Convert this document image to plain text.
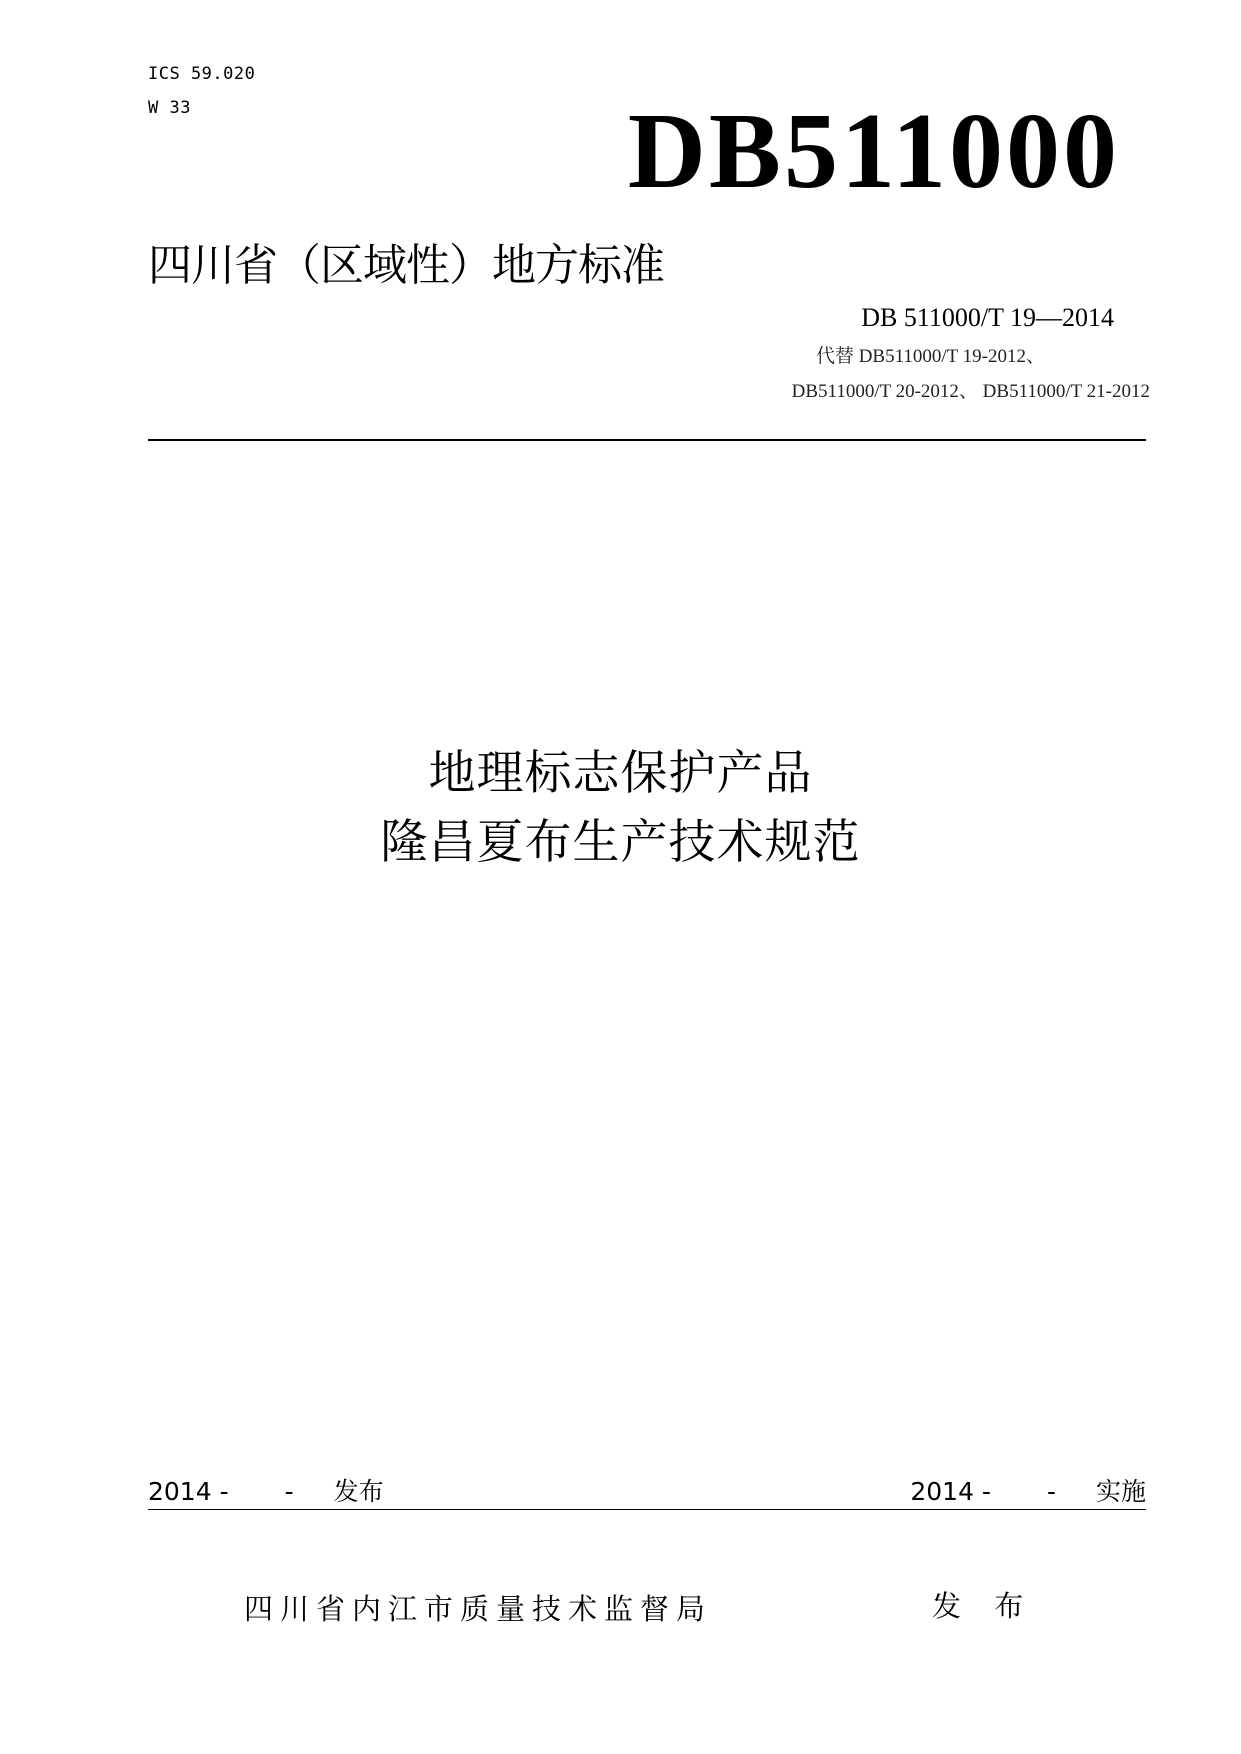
ICS 59.020
W 33	DB511000
四川省（区域性）地方标准
DB 511000/T 19—2014
代替 DB511000/T 19-2012、
DB511000/T 20-2012、 DB511000/T 21-2012
地理标志保护产品
隆昌夏布生产技术规范
2014 - - 发布	2014 - - 实施
四川省内江市质量技术监督局	发 布
